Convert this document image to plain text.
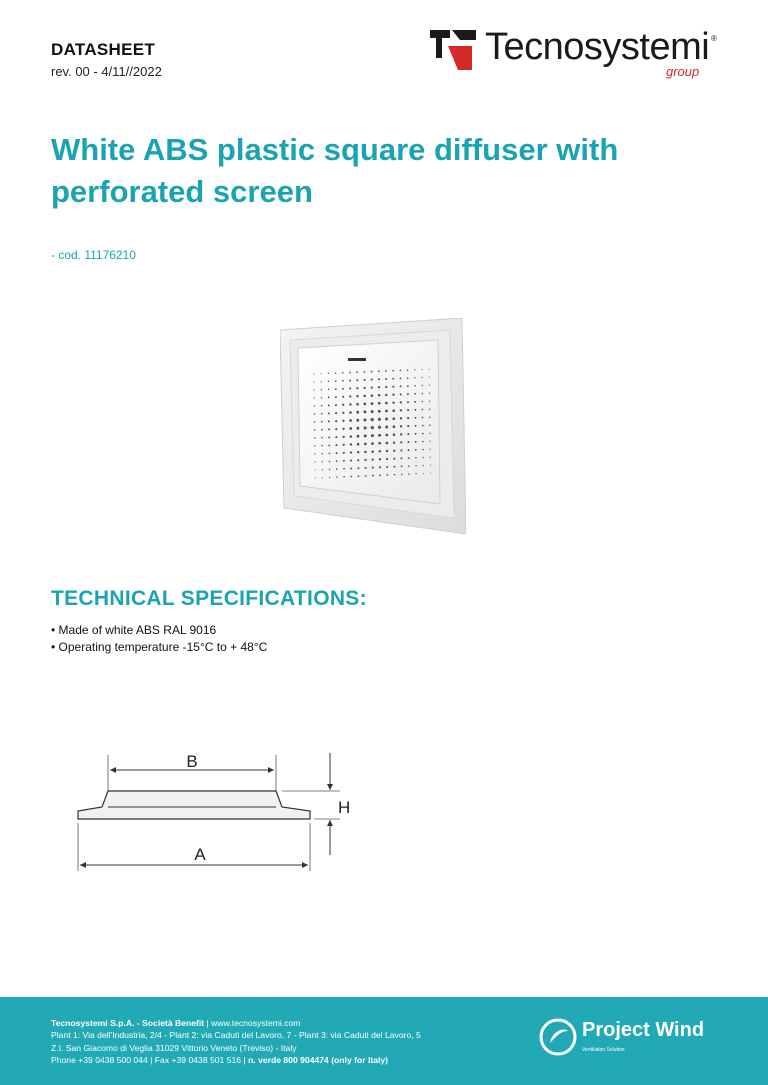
DATASHEET
rev. 00 - 4/11//2022
Tecnosystemi ®
group
White ABS plastic square diffuser with perforated screen
- cod. 11176210
TECHNICAL SPECIFICATIONS:
• Made of white ABS RAL 9016
• Operating temperature -15°C to + 48°C
B
A
H
Tecnosystemi S.p.A. - Società Benefit | www.tecnosystemi.com
Plant 1: Via dell'Industria, 2/4 - Plant 2: via Caduti del Lavoro, 7 - Plant 3: via Caduti del Lavoro, 5
Z.I. San Giacomo di Veglia 31029 Vittorio Veneto (Treviso) - Italy
Phone +39 0438 500 044 | Fax +39 0438 501 516 | n. verde 800 904474 (only for Italy)
Project Wind
Ventilation Solution
